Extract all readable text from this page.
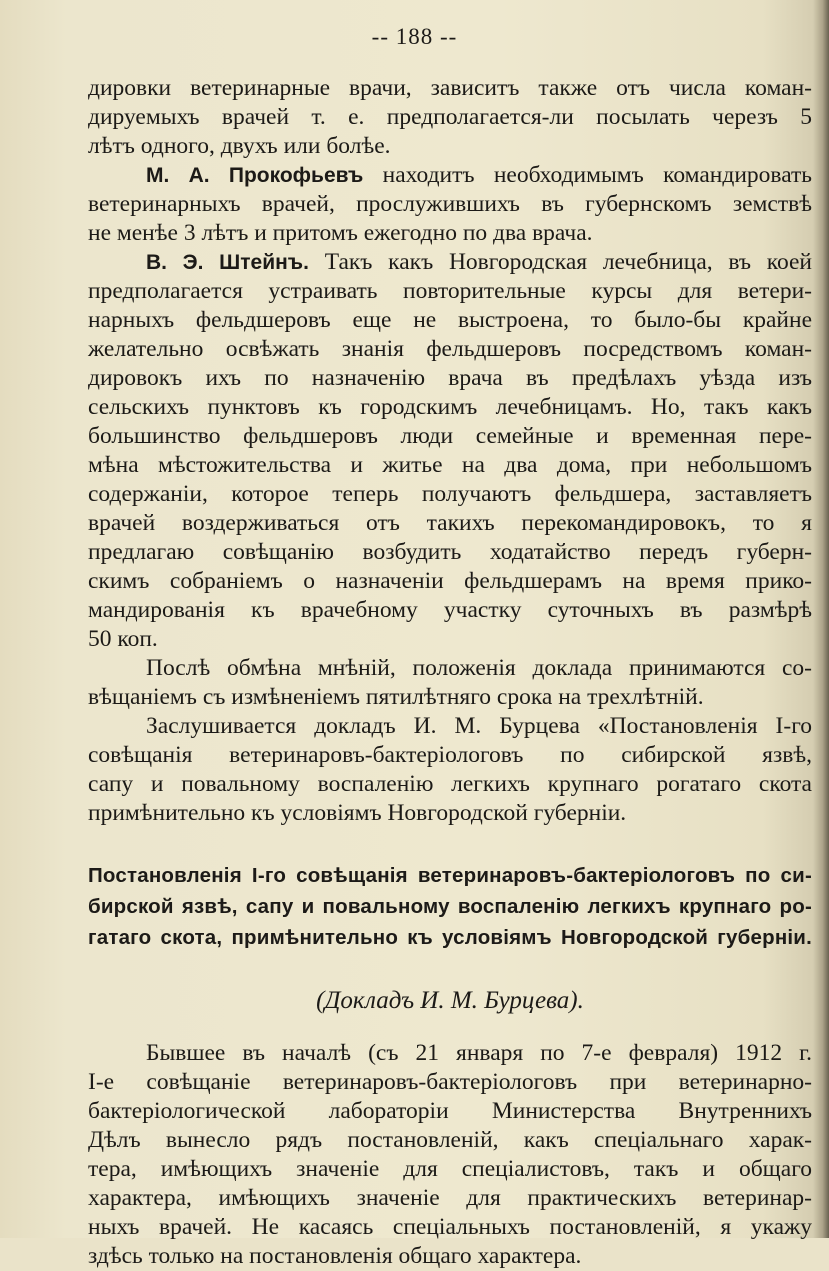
-- 188 --
дировки ветеринарные врачи, зависитъ также отъ числа коман-
дируемыхъ врачей т. е. предполагается-ли посылать черезъ 5
лѣтъ одного, двухъ или болѣе.
М. А. Прокофьевъ находитъ необходимымъ командировать
ветеринарныхъ врачей, прослужившихъ въ губернскомъ земствѣ
не менѣе 3 лѣтъ и притомъ ежегодно по два врача.
В. Э. Штейнъ. Такъ какъ Новгородская лечебница, въ коей
предполагается устраивать повторительные курсы для ветери-
нарныхъ фельдшеровъ еще не выстроена, то было-бы крайне
желательно освѣжать знанія фельдшеровъ посредствомъ коман-
дировокъ ихъ по назначенію врача въ предѣлахъ уѣзда изъ
сельскихъ пунктовъ къ городскимъ лечебницамъ. Но, такъ какъ
большинство фельдшеровъ люди семейные и временная пере-
мѣна мѣстожительства и житье на два дома, при небольшомъ
содержаніи, которое теперь получаютъ фельдшера, заставляетъ
врачей воздерживаться отъ такихъ перекомандировокъ, то я
предлагаю совѣщанію возбудить ходатайство передъ губерн-
скимъ собраніемъ о назначеніи фельдшерамъ на время прико-
мандированія къ врачебному участку суточныхъ въ размѣрѣ
50 коп.
Послѣ обмѣна мнѣній, положенія доклада принимаются со-
вѣщаніемъ съ измѣненіемъ пятилѣтняго срока на трехлѣтній.
Заслушивается докладъ И. М. Бурцева «Постановленія I-го
совѣщанія ветеринаровъ-бактеріологовъ по сибирской язвѣ,
сапу и повальному воспаленію легкихъ крупнаго рогатаго скота
примѣнительно къ условіямъ Новгородской губерніи.
Постановленія I-го совѣщанія ветеринаровъ-бактеріологовъ по си-
бирской язвѣ, сапу и повальному воспаленію легкихъ крупнаго ро-
гатаго скота, примѣнительно къ условіямъ Новгородской губерніи.
(Докладъ И. М. Бурцева).
Бывшее въ началѣ (съ 21 января по 7-е февраля) 1912 г.
I-е совѣщаніе ветеринаровъ-бактеріологовъ при ветеринарно-
бактеріологической лабораторіи Министерства Внутреннихъ
Дѣлъ вынесло рядъ постановленій, какъ спеціальнаго харак-
тера, имѣющихъ значеніе для спеціалистовъ, такъ и общаго
характера, имѣющихъ значеніе для практическихъ ветеринар-
ныхъ врачей. Не касаясь спеціальныхъ постановленій, я укажу
здѣсь только на постановленія общаго характера.
